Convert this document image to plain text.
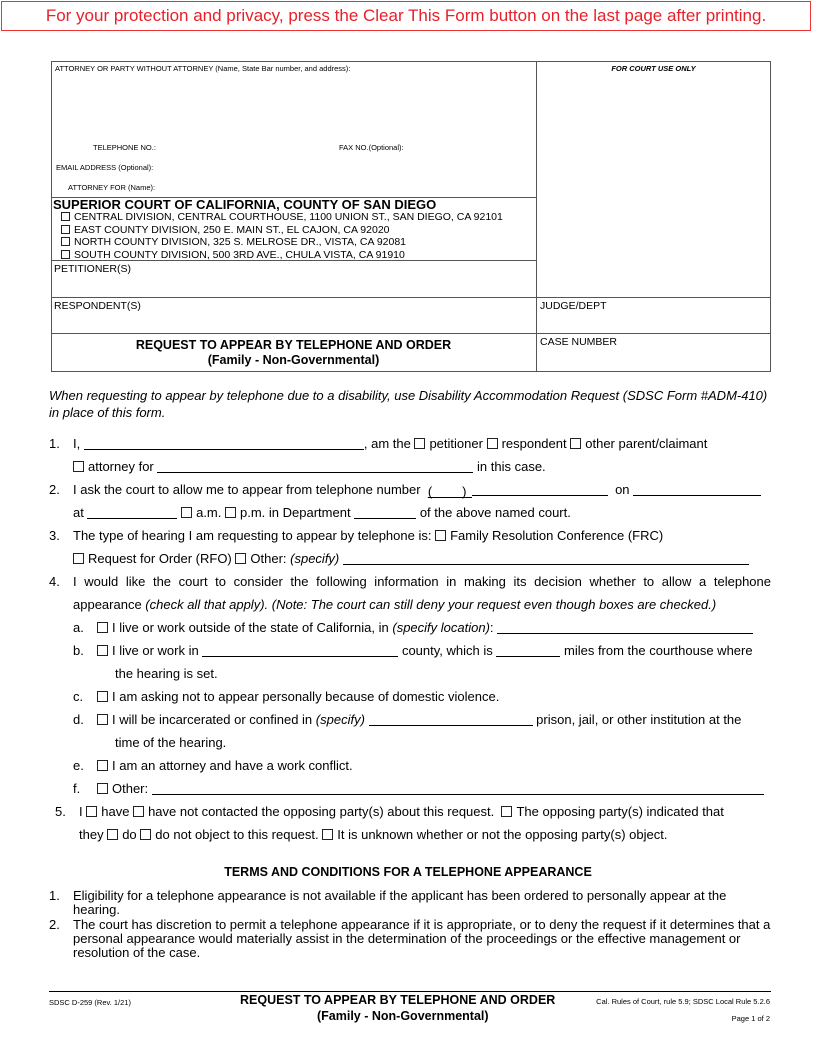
For your protection and privacy, press the Clear This Form button on the last page after printing.
ATTORNEY OR PARTY WITHOUT ATTORNEY (Name, State Bar number, and address):
TELEPHONE NO.:	FAX NO.(Optional):
EMAIL ADDRESS (Optional):
ATTORNEY FOR (Name):
FOR COURT USE ONLY
SUPERIOR COURT OF CALIFORNIA, COUNTY OF SAN DIEGO
CENTRAL DIVISION, CENTRAL COURTHOUSE, 1100 UNION ST., SAN DIEGO, CA 92101
EAST COUNTY DIVISION, 250 E. MAIN ST., EL CAJON, CA 92020
NORTH COUNTY DIVISION, 325 S. MELROSE DR., VISTA, CA 92081
SOUTH COUNTY DIVISION, 500 3RD AVE., CHULA VISTA, CA 91910
PETITIONER(S)
RESPONDENT(S)	JUDGE/DEPT
CASE NUMBER
REQUEST TO APPEAR BY TELEPHONE AND ORDER
(Family - Non-Governmental)
When requesting to appear by telephone due to a disability, use Disability Accommodation Request (SDSC Form #ADM-410) in place of this form.
1. I,	, am the petitioner respondent other parent/claimant
attorney for	in this case.
2. I ask the court to allow me to appear from telephone number ( )	on
at	a.m. p.m. in Department	of the above named court.
3. The type of hearing I am requesting to appear by telephone is: Family Resolution Conference (FRC)
Request for Order (RFO) Other: (specify)
4. I would like the court to consider the following information in making its decision whether to allow a telephone
appearance (check all that apply). (Note: The court can still deny your request even though boxes are checked.)
a. I live or work outside of the state of California, in (specify location):
b. I live or work in	county, which is	miles from the courthouse where
the hearing is set.
c. I am asking not to appear personally because of domestic violence.
d. I will be incarcerated or confined in (specify)	prison, jail, or other institution at the
time of the hearing.
e. I am an attorney and have a work conflict.
f. Other:
5. I have have not contacted the opposing party(s) about this request. The opposing party(s) indicated that
they do do not object to this request. It is unknown whether or not the opposing party(s) object.
TERMS AND CONDITIONS FOR A TELEPHONE APPEARANCE
1.	Eligibility for a telephone appearance is not available if the applicant has been ordered to personally appear at the hearing.
2.	The court has discretion to permit a telephone appearance if it is appropriate, or to deny the request if it determines that a personal appearance would materially assist in the determination of the proceedings or the effective management or resolution of the case.
SDSC D-259 (Rev. 1/21)	REQUEST TO APPEAR BY TELEPHONE AND ORDER
(Family - Non-Governmental)
Cal. Rules of Court, rule 5.9; SDSC Local Rule 5.2.6
Page 1 of 2
